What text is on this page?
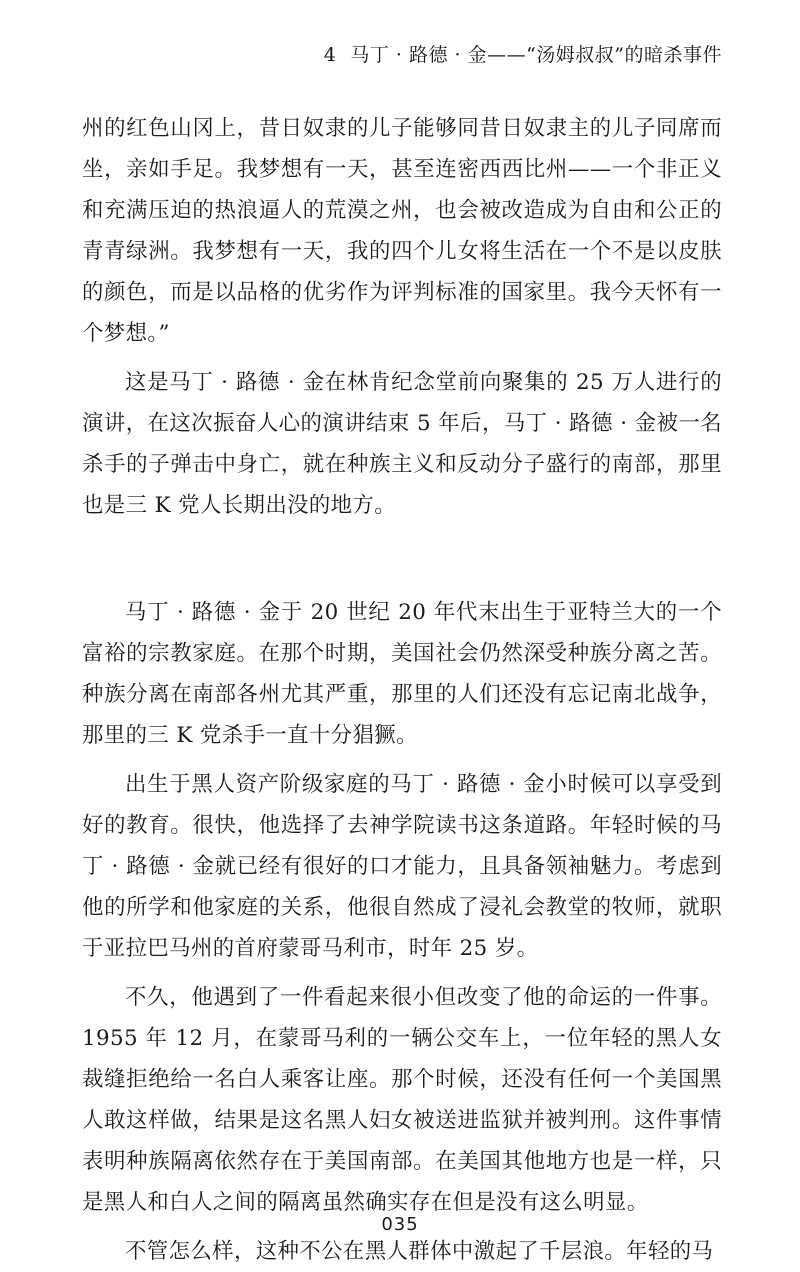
4 马丁 · 路德 · 金——“汤姆叔叔”的暗杀事件

州的红色山冈上，昔日奴隶的儿子能够同昔日奴隶主的儿子同席而坐，亲如手足。我梦想有一天，甚至连密西西比州——一个非正义和充满压迫的热浪逼人的荒漠之州，也会被改造成为自由和公正的青青绿洲。我梦想有一天，我的四个儿女将生活在一个不是以皮肤的颜色，而是以品格的优劣作为评判标准的国家里。我今天怀有一个梦想。”

这是马丁 · 路德 · 金在林肯纪念堂前向聚集的 25 万人进行的演讲，在这次振奋人心的演讲结束 5 年后，马丁 · 路德 · 金被一名杀手的子弹击中身亡，就在种族主义和反动分子盛行的南部，那里也是三 K 党人长期出没的地方。

马丁 · 路德 · 金于 20 世纪 20 年代末出生于亚特兰大的一个富裕的宗教家庭。在那个时期，美国社会仍然深受种族分离之苦。种族分离在南部各州尤其严重，那里的人们还没有忘记南北战争，那里的三 K 党杀手一直十分猖獗。

出生于黑人资产阶级家庭的马丁 · 路德 · 金小时候可以享受到好的教育。很快，他选择了去神学院读书这条道路。年轻时候的马丁 · 路德 · 金就已经有很好的口才能力，且具备领袖魅力。考虑到他的所学和他家庭的关系，他很自然成了浸礼会教堂的牧师，就职于亚拉巴马州的首府蒙哥马利市，时年 25 岁。

不久，他遇到了一件看起来很小但改变了他的命运的一件事。1955 年 12 月，在蒙哥马利的一辆公交车上，一位年轻的黑人女裁缝拒绝给一名白人乘客让座。那个时候，还没有任何一个美国黑人敢这样做，结果是这名黑人妇女被送进监狱并被判刑。这件事情表明种族隔离依然存在于美国南部。在美国其他地方也是一样，只是黑人和白人之间的隔离虽然确实存在但是没有这么明显。

不管怎么样，这种不公在黑人群体中激起了千层浪。年轻的马

035
